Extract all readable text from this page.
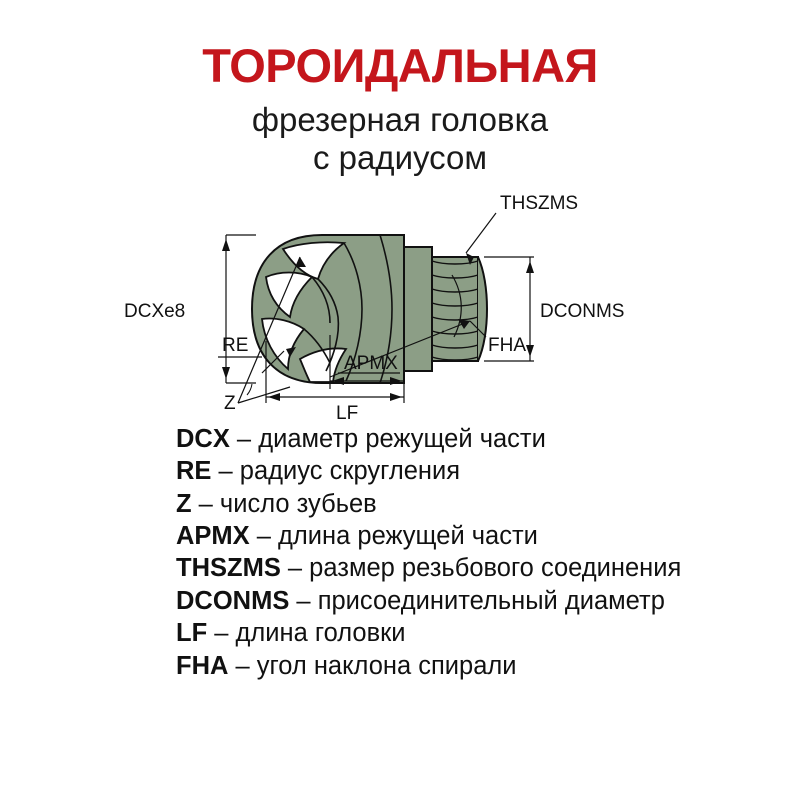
ТОРОИДАЛЬНАЯ
фрезерная головка
с радиусом
Z
DCXe8
RE
APMX
LF
THSZMS
DCONMS
FHA
DCX – диаметр режущей части
RE – радиус скругления
Z – число зубьев
APMX – длина режущей части
THSZMS – размер резьбового соединения
DCONMS – присоединительный диаметр
LF – длина головки
FHA – угол наклона спирали
